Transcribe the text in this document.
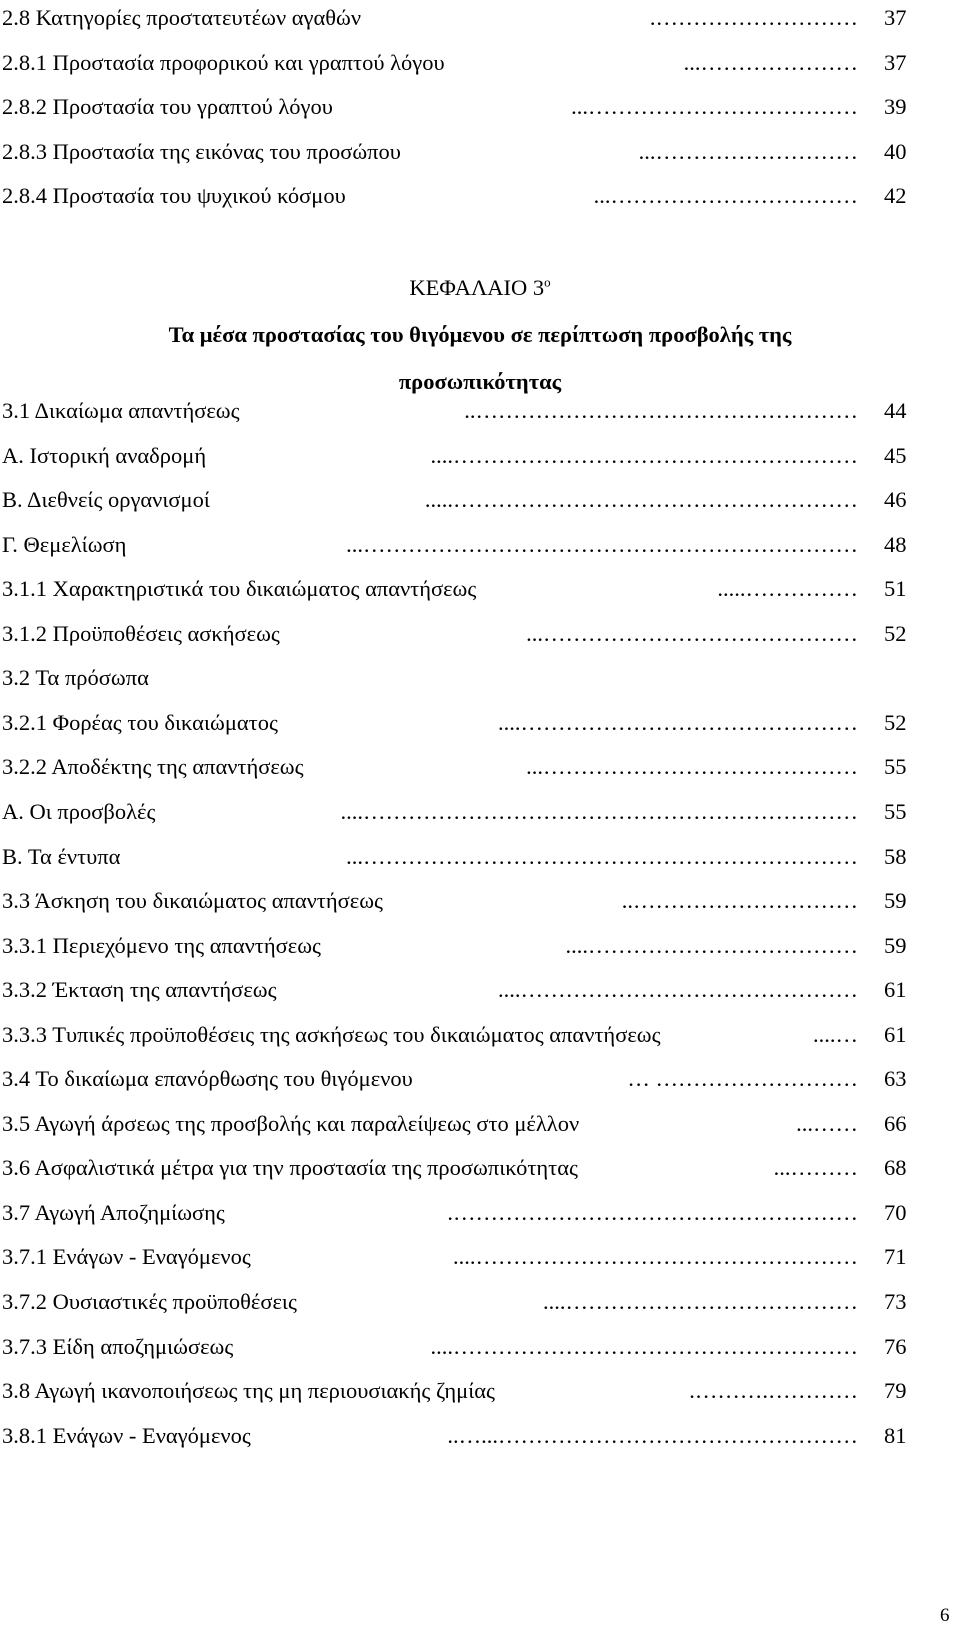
2.8 Κατηγορίες προστατευτέων αγαθών	………………………. 37
2.8.1 Προστασία προφορικού και γραπτού λόγου	…………………... 37
2.8.2 Προστασία του γραπτού λόγου	………………………………... 39
2.8.3 Προστασία της εικόνας του προσώπου	………………………... 40
2.8.4 Προστασία του ψυχικού κόσμου	……………………………... 42
ΚΕΦΑΛΑΙΟ $3^o$
Τα μέσα προστασίας του θιγόμενου σε περίπτωση προσβολής της
προσωπικότητας
3.1 Δικαίωμα απαντήσεως	…………………………………………….. 44
Α. Ιστορική αναδρομή	……………………………………………….... 45
Β. Διεθνείς οργανισμοί	………………………………………………..... 46
Γ. Θεμελίωση	…………………………………………………………... 48
3.1.1 Χαρακτηριστικά του δικαιώματος απαντήσεως	……………..... 51
3.1.2 Προϋποθέσεις ασκήσεως	……………………………………... 52
3.2 Τα πρόσωπα
3.2.1 Φορέας του δικαιώματος	……………………………………….... 52
3.2.2 Αποδέκτης της απαντήσεως	……………………………………... 55
Α. Οι προσβολές	………………………………………………………….... 55
Β. Τα έντυπα	…………………………………………………………... 58
3.3 Άσκηση του δικαιώματος απαντήσεως	………………………….. 59
3.3.1 Περιεχόμενο της απαντήσεως	……………………………….... 59
3.3.2 Έκταση της απαντήσεως	……………………………………….... 61
3.3.3 Τυπικές προϋποθέσεις της ασκήσεως του δικαιώματος απαντήσεως	….... 61
3.4 Το δικαίωμα επανόρθωσης του θιγόμενου	……………………… … 63
3.5 Αγωγή άρσεως της προσβολής και παραλείψεως στο μέλλον	……... 66
3.6 Ασφαλιστικά μέτρα για την προστασία της προσωπικότητας	………... 68
3.7 Αγωγή Αποζημίωσης	………………………………………………. 70
3.7.1 Ενάγων - Εναγόμενος	…………………………………………….... 71
3.7.2 Ουσιαστικές προϋποθέσεις	………………………………….... 73
3.7.3 Είδη αποζημιώσεως	……………………………………………….... 76
3.8 Αγωγή ικανοποιήσεως της μη περιουσιακής ζημίας	………….………. 79
3.8.1 Ενάγων - Εναγόμενος	…………………………………………...….. 81
6
